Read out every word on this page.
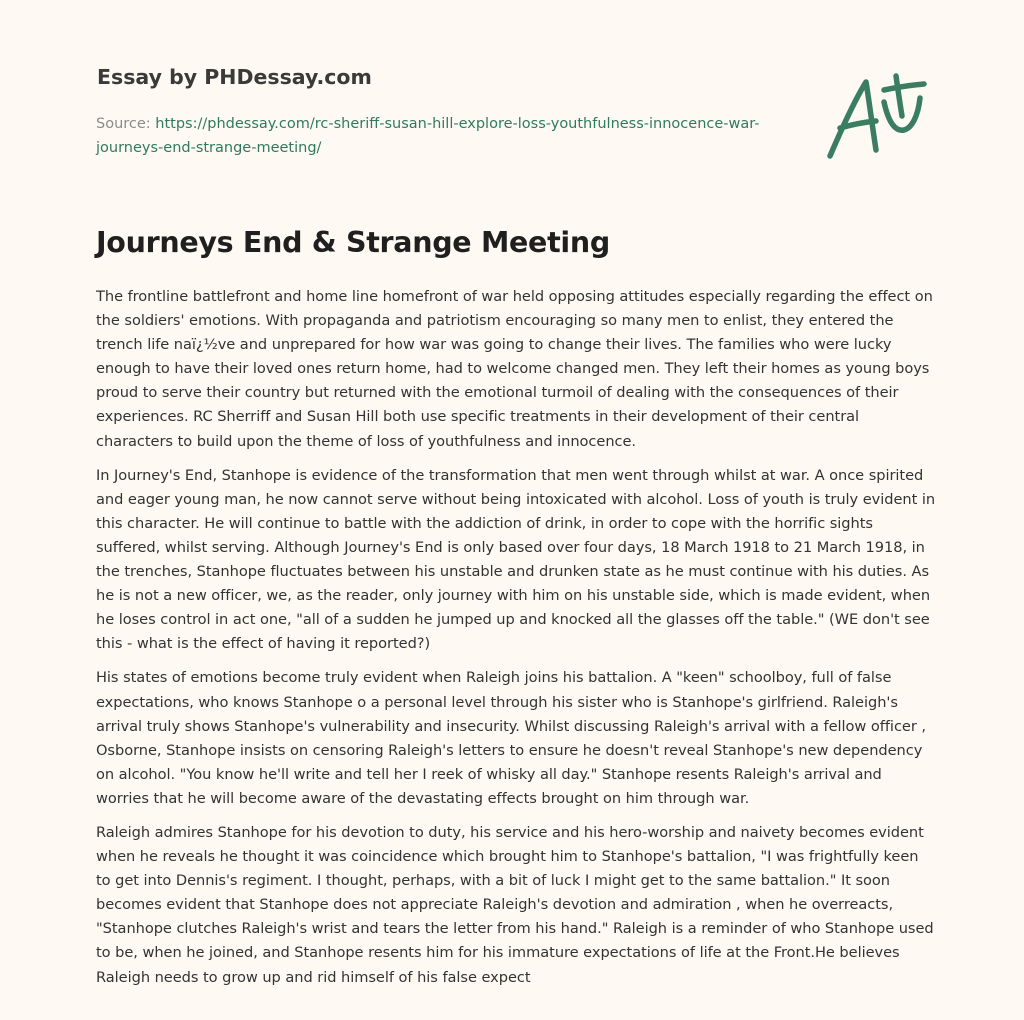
Essay by PHDessay.com

Source: https://phdessay.com/rc-sheriff-susan-hill-explore-loss-youthfulness-innocence-war-journeys-end-strange-meeting/

Journeys End & Strange Meeting

The frontline battlefront and home line homefront of war held opposing attitudes especially regarding the effect on the soldiers' emotions. With propaganda and patriotism encouraging so many men to enlist, they entered the trench life naï¿½ve and unprepared for how war was going to change their lives. The families who were lucky enough to have their loved ones return home, had to welcome changed men. They left their homes as young boys proud to serve their country but returned with the emotional turmoil of dealing with the consequences of their experiences. RC Sherriff and Susan Hill both use specific treatments in their development of their central characters to build upon the theme of loss of youthfulness and innocence.

In Journey's End, Stanhope is evidence of the transformation that men went through whilst at war. A once spirited and eager young man, he now cannot serve without being intoxicated with alcohol. Loss of youth is truly evident in this character. He will continue to battle with the addiction of drink, in order to cope with the horrific sights suffered, whilst serving. Although Journey's End is only based over four days, 18 March 1918 to 21 March 1918, in the trenches, Stanhope fluctuates between his unstable and drunken state as he must continue with his duties. As he is not a new officer, we, as the reader, only journey with him on his unstable side, which is made evident, when he loses control in act one, "all of a sudden he jumped up and knocked all the glasses off the table." (WE don't see this - what is the effect of having it reported?)

His states of emotions become truly evident when Raleigh joins his battalion. A "keen" schoolboy, full of false expectations, who knows Stanhope o a personal level through his sister who is Stanhope's girlfriend. Raleigh's arrival truly shows Stanhope's vulnerability and insecurity. Whilst discussing Raleigh's arrival with a fellow officer , Osborne, Stanhope insists on censoring Raleigh's letters to ensure he doesn't reveal Stanhope's new dependency on alcohol. "You know he'll write and tell her I reek of whisky all day." Stanhope resents Raleigh's arrival and worries that he will become aware of the devastating effects brought on him through war.

Raleigh admires Stanhope for his devotion to duty, his service and his hero-worship and naivety becomes evident when he reveals he thought it was coincidence which brought him to Stanhope's battalion, "I was frightfully keen to get into Dennis's regiment. I thought, perhaps, with a bit of luck I might get to the same battalion." It soon becomes evident that Stanhope does not appreciate Raleigh's devotion and admiration , when he overreacts, "Stanhope clutches Raleigh's wrist and tears the letter from his hand." Raleigh is a reminder of who Stanhope used to be, when he joined, and Stanhope resents him for his immature expectations of life at the Front.He believes Raleigh needs to grow up and rid himself of his false expect
